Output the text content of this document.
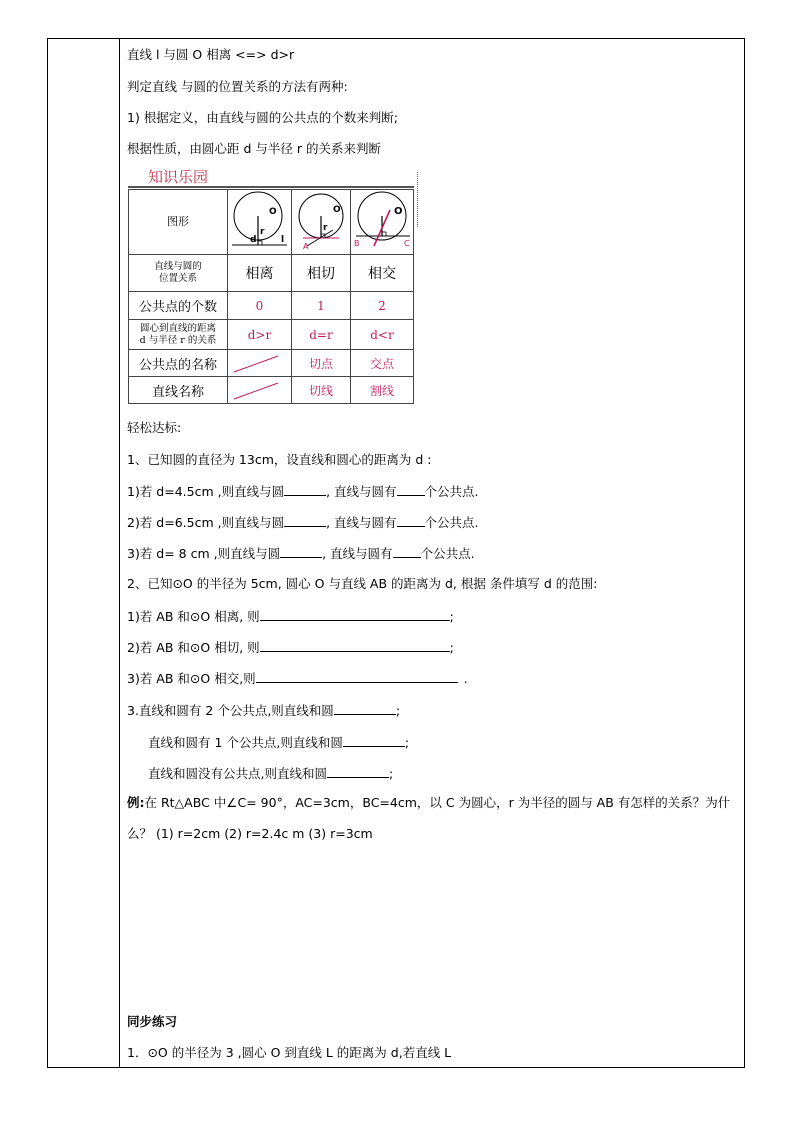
直线 l 与圆 O 相离 <=> d>r
判定直线 与圆的位置关系的方法有两种:
1) 根据定义，由直线与圆的公共点的个数来判断;
根据性质，由圆心距 d 与半径 r 的关系来判断
知识乐园
图形	O
r
d l	O
r
A	O
B C

直线与圆的
位置关系	相离	相切	相交
公共点的个数	0	1	2

圆心到直线的距离
d 与半径 r 的关系	d>r	d=r	d<r
公共点的名称		切点	交点
直线名称		切线	割线
轻松达标:
1、已知圆的直径为 13cm，设直线和圆心的距离为 d :
1)若 d=4.5cm ,则直线与圆	, 直线与圆有 个公共点.
2)若 d=6.5cm ,则直线与圆	, 直线与圆有 个公共点.
3)若 d= 8 cm ,则直线与圆	, 直线与圆有 个公共点.
2、已知⊙O 的半径为 5cm, 圆心 O 与直线 AB 的距离为 d, 根据 条件填写 d 的范围:
1)若 AB 和⊙O 相离, 则	;
2)若 AB 和⊙O 相切, 则	;
3)若 AB 和⊙O 相交,则	.
3.直线和圆有 2 个公共点,则直线和圆	;
直线和圆有 1 个公共点,则直线和圆	;
直线和圆没有公共点,则直线和圆	;
例:在 Rt△ABC 中∠C= 90°，AC=3cm，BC=4cm，以 C 为圆心，r 为半径的圆与 AB 有怎样的关系？为什
么？ (1) r=2cm (2) r=2.4c m (3) r=3cm
同步练习
1．⊙O 的半径为 3 ,圆心 O 到直线 L 的距离为 d,若直线 L
